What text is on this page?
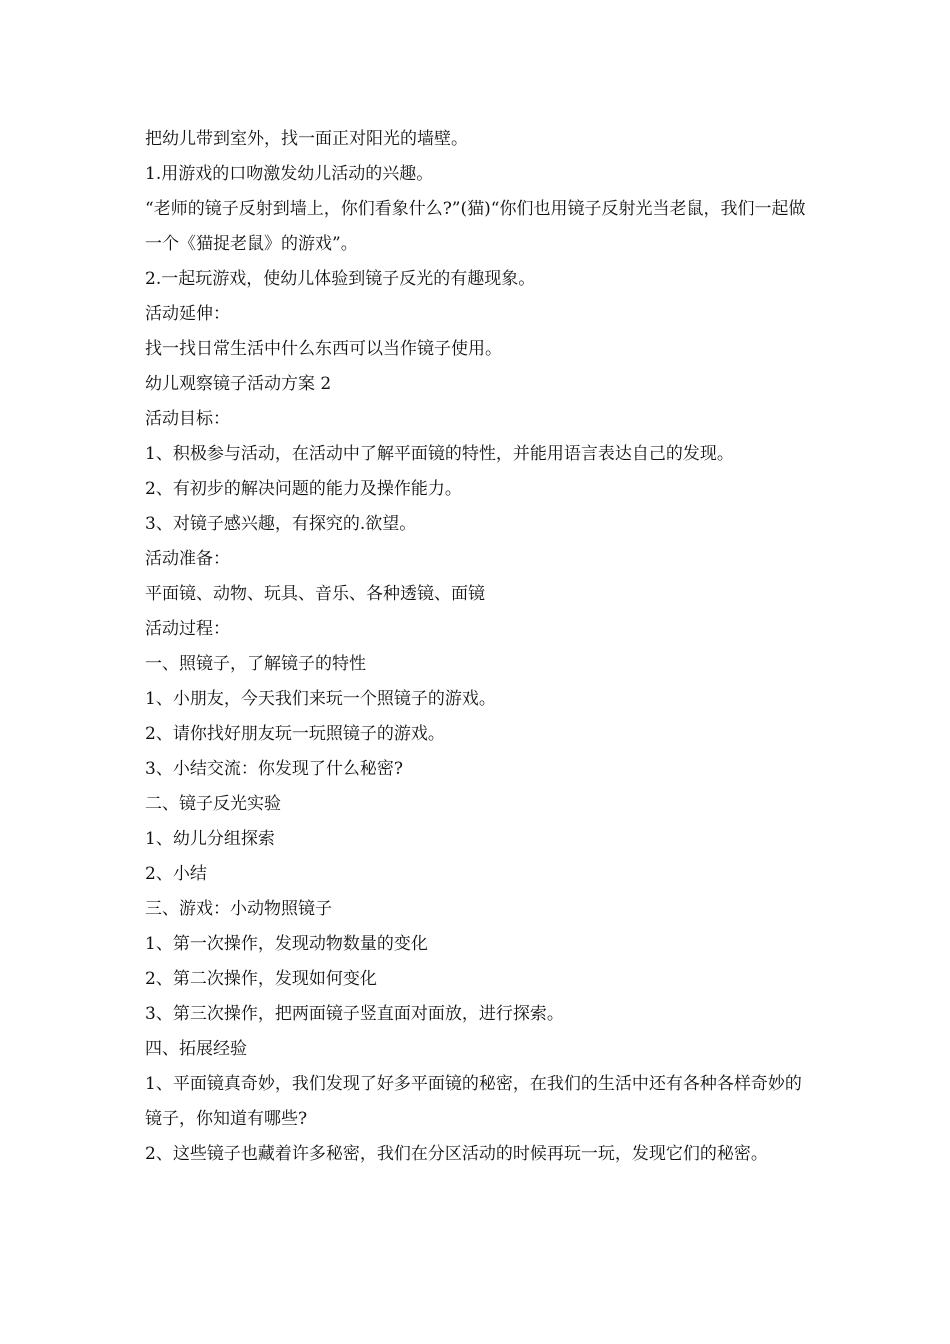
把幼儿带到室外，找一面正对阳光的墙壁。

1.用游戏的口吻激发幼儿活动的兴趣。

“老师的镜子反射到墙上，你们看象什么?”(猫)“你们也用镜子反射光当老鼠，我们一起做一个《猫捉老鼠》的游戏”。

2.一起玩游戏，使幼儿体验到镜子反光的有趣现象。

活动延伸：

找一找日常生活中什么东西可以当作镜子使用。

幼儿观察镜子活动方案 2

活动目标：

1、积极参与活动，在活动中了解平面镜的特性，并能用语言表达自己的发现。

2、有初步的解决问题的能力及操作能力。

3、对镜子感兴趣，有探究的.欲望。

活动准备：

平面镜、动物、玩具、音乐、各种透镜、面镜

活动过程：

一、照镜子，了解镜子的特性

1、小朋友，今天我们来玩一个照镜子的游戏。

2、请你找好朋友玩一玩照镜子的游戏。

3、小结交流：你发现了什么秘密?

二、镜子反光实验

1、幼儿分组探索

2、小结

三、游戏：小动物照镜子

1、第一次操作，发现动物数量的变化

2、第二次操作，发现如何变化

3、第三次操作，把两面镜子竖直面对面放，进行探索。

四、拓展经验

1、平面镜真奇妙，我们发现了好多平面镜的秘密，在我们的生活中还有各种各样奇妙的镜子，你知道有哪些?

2、这些镜子也藏着许多秘密，我们在分区活动的时候再玩一玩，发现它们的秘密。
